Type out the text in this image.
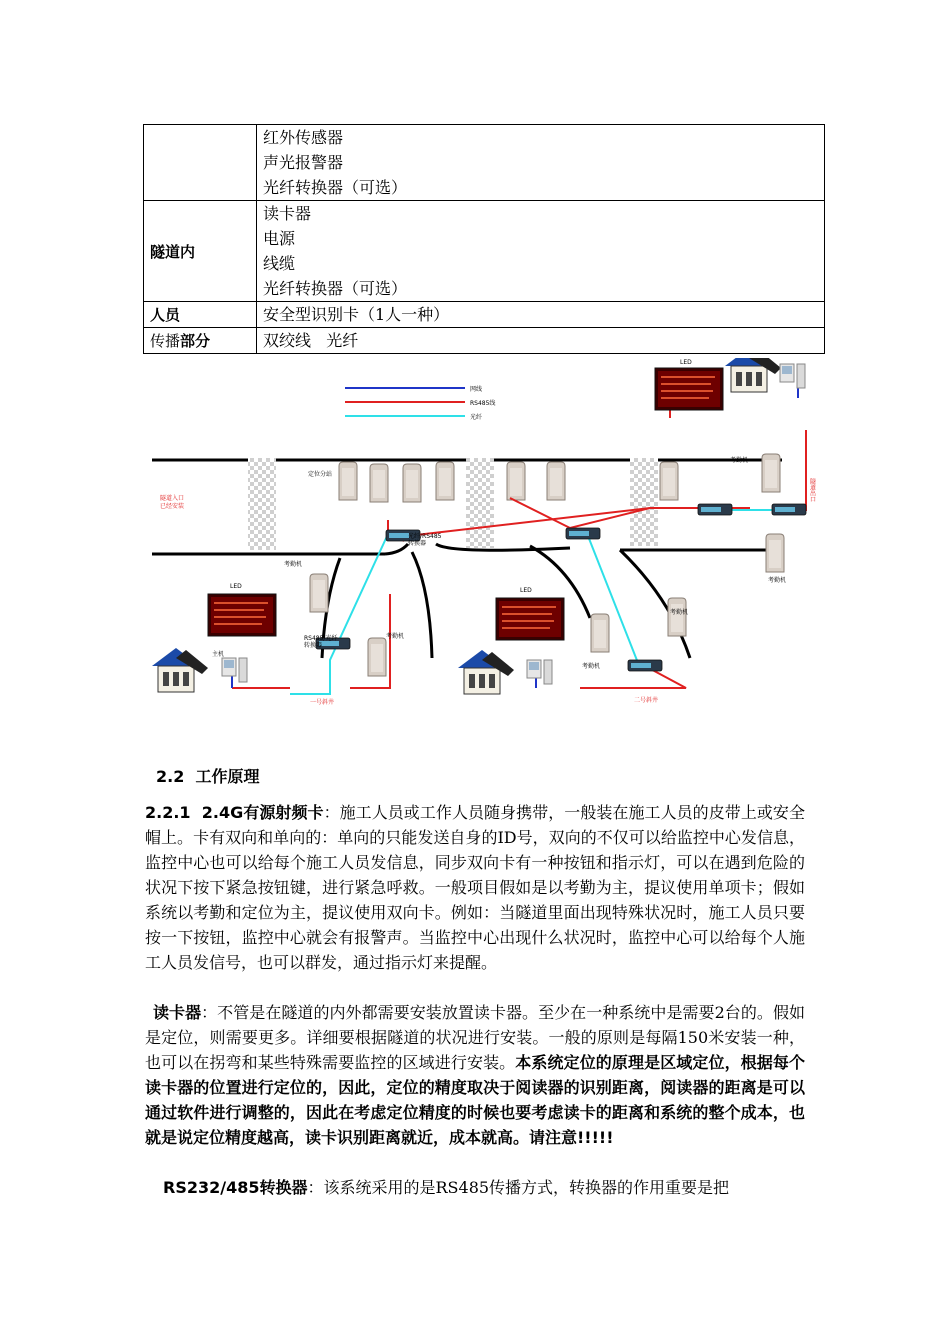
	红外传感器
声光报警器
光纤转换器（可选）

隧道内	读卡器
电源
线缆
光纤转换器（可选）

人员	安全型识别卡（1人一种）

传播部分	双绞线   光纤
网线
RS485线
光纤
隧道入口 已经安装
隧道出口
定位分站
光纤/RS485 转换器
RS485/光纤转换器
考勤机
考勤机
考勤机
考勤机
考勤机
考勤机
LED
LED
LED
主机
一号斜井	二号斜井
2.2  工作原理
2.2.1  2.4G有源射频卡：施工人员或工作人员随身携带，一般装在施工人员的皮带上或安全帽上。卡有双向和单向的：单向的只能发送自身的ID号，双向的不仅可以给监控中心发信息，监控中心也可以给每个施工人员发信息，同步双向卡有一种按钮和指示灯，可以在遇到危险的状况下按下紧急按钮键，进行紧急呼救。一般项目假如是以考勤为主，提议使用单项卡；假如系统以考勤和定位为主，提议使用双向卡。例如：当隧道里面出现特殊状况时，施工人员只要按一下按钮，监控中心就会有报警声。当监控中心出现什么状况时，监控中心可以给每个人施工人员发信号，也可以群发，通过指示灯来提醒。
读卡器：不管是在隧道的内外都需要安装放置读卡器。至少在一种系统中是需要2台的。假如是定位，则需要更多。详细要根据隧道的状况进行安装。一般的原则是每隔150米安装一种，也可以在拐弯和某些特殊需要监控的区域进行安装。本系统定位的原理是区域定位，根据每个读卡器的位置进行定位的，因此，定位的精度取决于阅读器的识别距离，阅读器的距离是可以通过软件进行调整的，因此在考虑定位精度的时候也要考虑读卡的距离和系统的整个成本，也就是说定位精度越高，读卡识别距离就近，成本就高。请注意!!!!!
RS232/485转换器：该系统采用的是RS485传播方式，转换器的作用重要是把
